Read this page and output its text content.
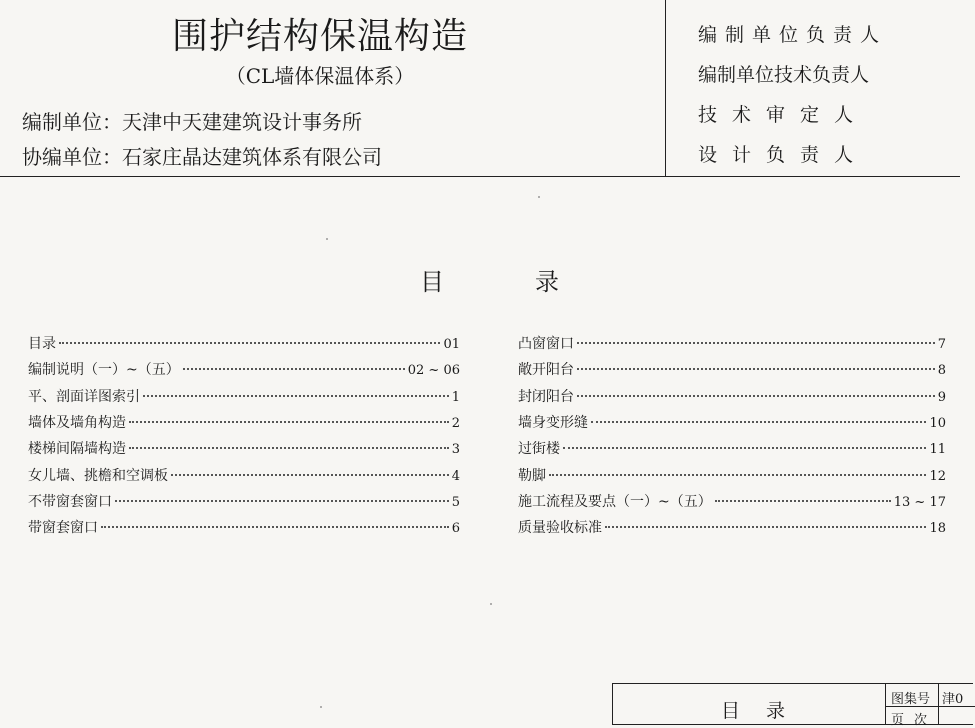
围护结构保温构造
（CL墙体保温体系）
编制单位：天津中天建建筑设计事务所
协编单位：石家庄晶达建筑体系有限公司
编制单位负责人
编制单位技术负责人
技术审定人
设计负责人
目	录
目录	01
编制说明（一）~（五）	02 ~ 06
平、剖面详图索引	1
墙体及墙角构造	2
楼梯间隔墙构造	3
女儿墙、挑檐和空调板	4
不带窗套窗口	5
带窗套窗口	6
凸窗窗口	7
敞开阳台	8
封闭阳台	9
墙身变形缝	10
过街楼	11
勒脚	12
施工流程及要点（一）~（五）	13 ~ 17
质量验收标准	18
目录
图集号 津0
页次
